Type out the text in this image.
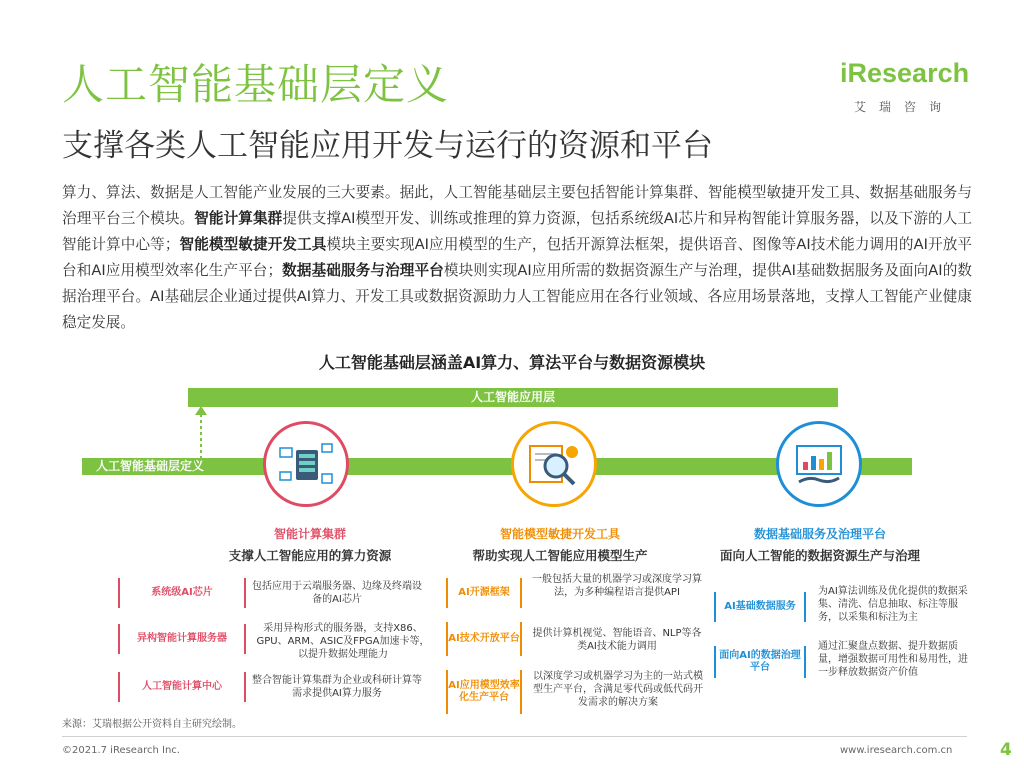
人工智能基础层定义
支撑各类人工智能应用开发与运行的资源和平台
iResearch
艾瑞咨询
算力、算法、数据是人工智能产业发展的三大要素。据此，人工智能基础层主要包括智能计算集群、智能模型敏捷开发工具、数据基础服务与治理平台三个模块。智能计算集群提供支撑AI模型开发、训练或推理的算力资源，包括系统级AI芯片和异构智能计算服务器，以及下游的人工智能计算中心等；智能模型敏捷开发工具模块主要实现AI应用模型的生产，包括开源算法框架，提供语音、图像等AI技术能力调用的AI开放平台和AI应用模型效率化生产平台；数据基础服务与治理平台模块则实现AI应用所需的数据资源生产与治理，提供AI基础数据服务及面向AI的数据治理平台。AI基础层企业通过提供AI算力、开发工具或数据资源助力人工智能应用在各行业领域、各应用场景落地，支撑人工智能产业健康稳定发展。
人工智能基础层涵盖AI算力、算法平台与数据资源模块
人工智能应用层
人工智能基础层定义
智能计算集群
支撑人工智能应用的算力资源
智能模型敏捷开发工具
帮助实现人工智能应用模型生产
数据基础服务及治理平台
面向人工智能的数据资源生产与治理
系统级AI芯片
包括应用于云端服务器、边缘及终端设备的AI芯片
异构智能计算服务器
采用异构形式的服务器，支持X86、GPU、ARM、ASIC及FPGA加速卡等，以提升数据处理能力
人工智能计算中心
整合智能计算集群为企业或科研计算等需求提供AI算力服务
AI开源框架
一般包括大量的机器学习或深度学习算法，为多种编程语言提供API
AI技术开放平台 提供计算机视觉、智能语音、NLP等各类AI技术能力调用
AI应用模型效率化生产平台
以深度学习或机器学习为主的一站式模型生产平台，含满足零代码或低代码开发需求的解决方案
AI基础数据服务
为AI算法训练及优化提供的数据采集、清洗、信息抽取、标注等服务，以采集和标注为主
面向AI的数据治理平台
通过汇聚盘点数据、提升数据质量，增强数据可用性和易用性，进一步释放数据资产价值
来源：艾瑞根据公开资料自主研究绘制。
©2021.7 iResearch Inc.	www.iresearch.com.cn	4
